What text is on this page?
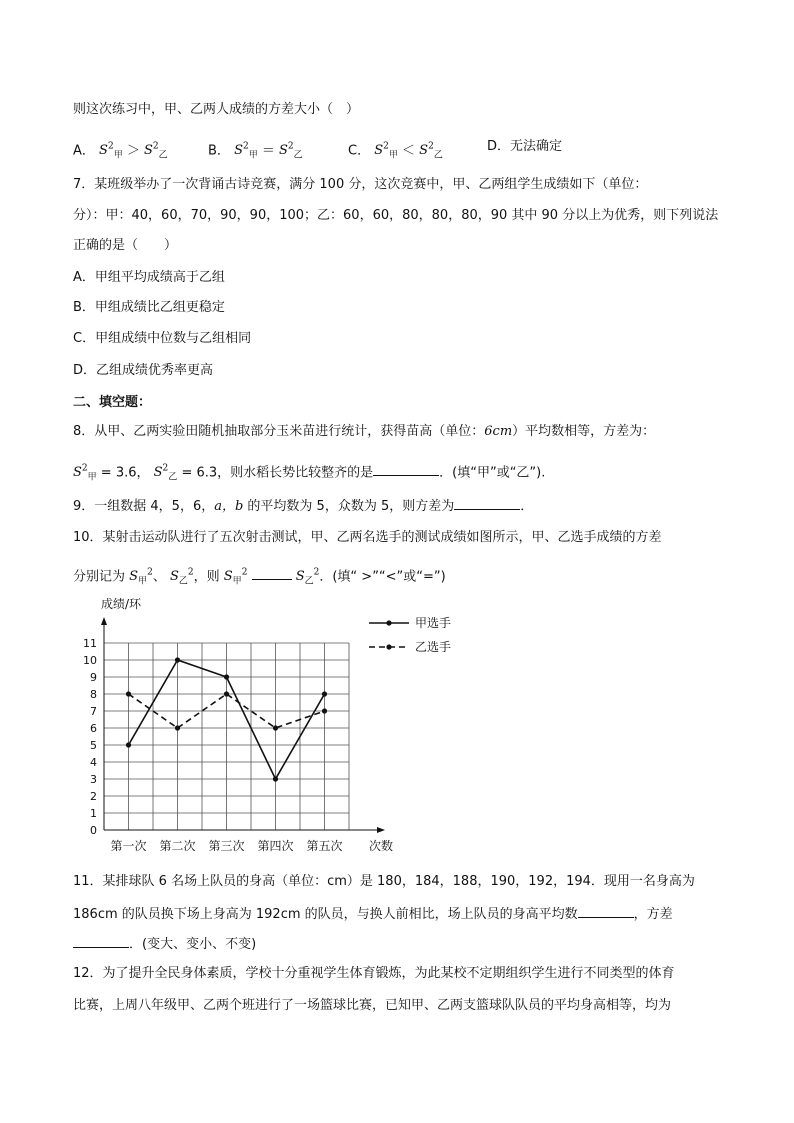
则这次练习中，甲、乙两人成绩的方差大小（　）
A． $S^2_甲 > S^2_乙$	B． $S^2_甲 = S^2_乙$	C． $S^2_甲 < S^2_乙$
D．无法确定
7．某班级举办了一次背诵古诗竞赛，满分 100 分，这次竞赛中，甲、乙两组学生成绩如下（单位：
分）：甲：40，60，70，90，90，100；乙：60，60，80，80，80，90 其中 90 分以上为优秀，则下列说法
正确的是（　　）
A．甲组平均成绩高于乙组
B．甲组成绩比乙组更稳定
C．甲组成绩中位数与乙组相同
D．乙组成绩优秀率更高
二、填空题：
8．从甲、乙两实验田随机抽取部分玉米苗进行统计，获得苗高（单位：6cm）平均数相等，方差为：
$S^2_甲 = 3.6$， $S^2_乙 = 6.3$，则水稻长势比较整齐的是	．(填“甲”或“乙”).
9．一组数据 4，5，6，a，b 的平均数为 5，众数为 5，则方差为	．
10．某射击运动队进行了五次射击测试，甲、乙两名选手的测试成绩如图所示，甲、乙选手成绩的方差
分别记为 $S_甲^2$、 $S_乙^2$，则 $S_甲^2$	$S_乙^2$．(填“ >”“<”或“=”)
0
1
2
3
4
5
6
7
8
9
10
11
成绩/环
次数
第一次 第二次 第三次 第四次 第五次
甲选手
乙选手
11．某排球队 6 名场上队员的身高（单位：cm）是 180，184，188，190，192，194．现用一名身高为
186cm 的队员换下场上身高为 192cm 的队员，与换人前相比，场上队员的身高平均数	，方差
．(变大、变小、不变)
12．为了提升全民身体素质，学校十分重视学生体育锻炼，为此某校不定期组织学生进行不同类型的体育
比赛，上周八年级甲、乙两个班进行了一场篮球比赛，已知甲、乙两支篮球队队员的平均身高相等，均为
